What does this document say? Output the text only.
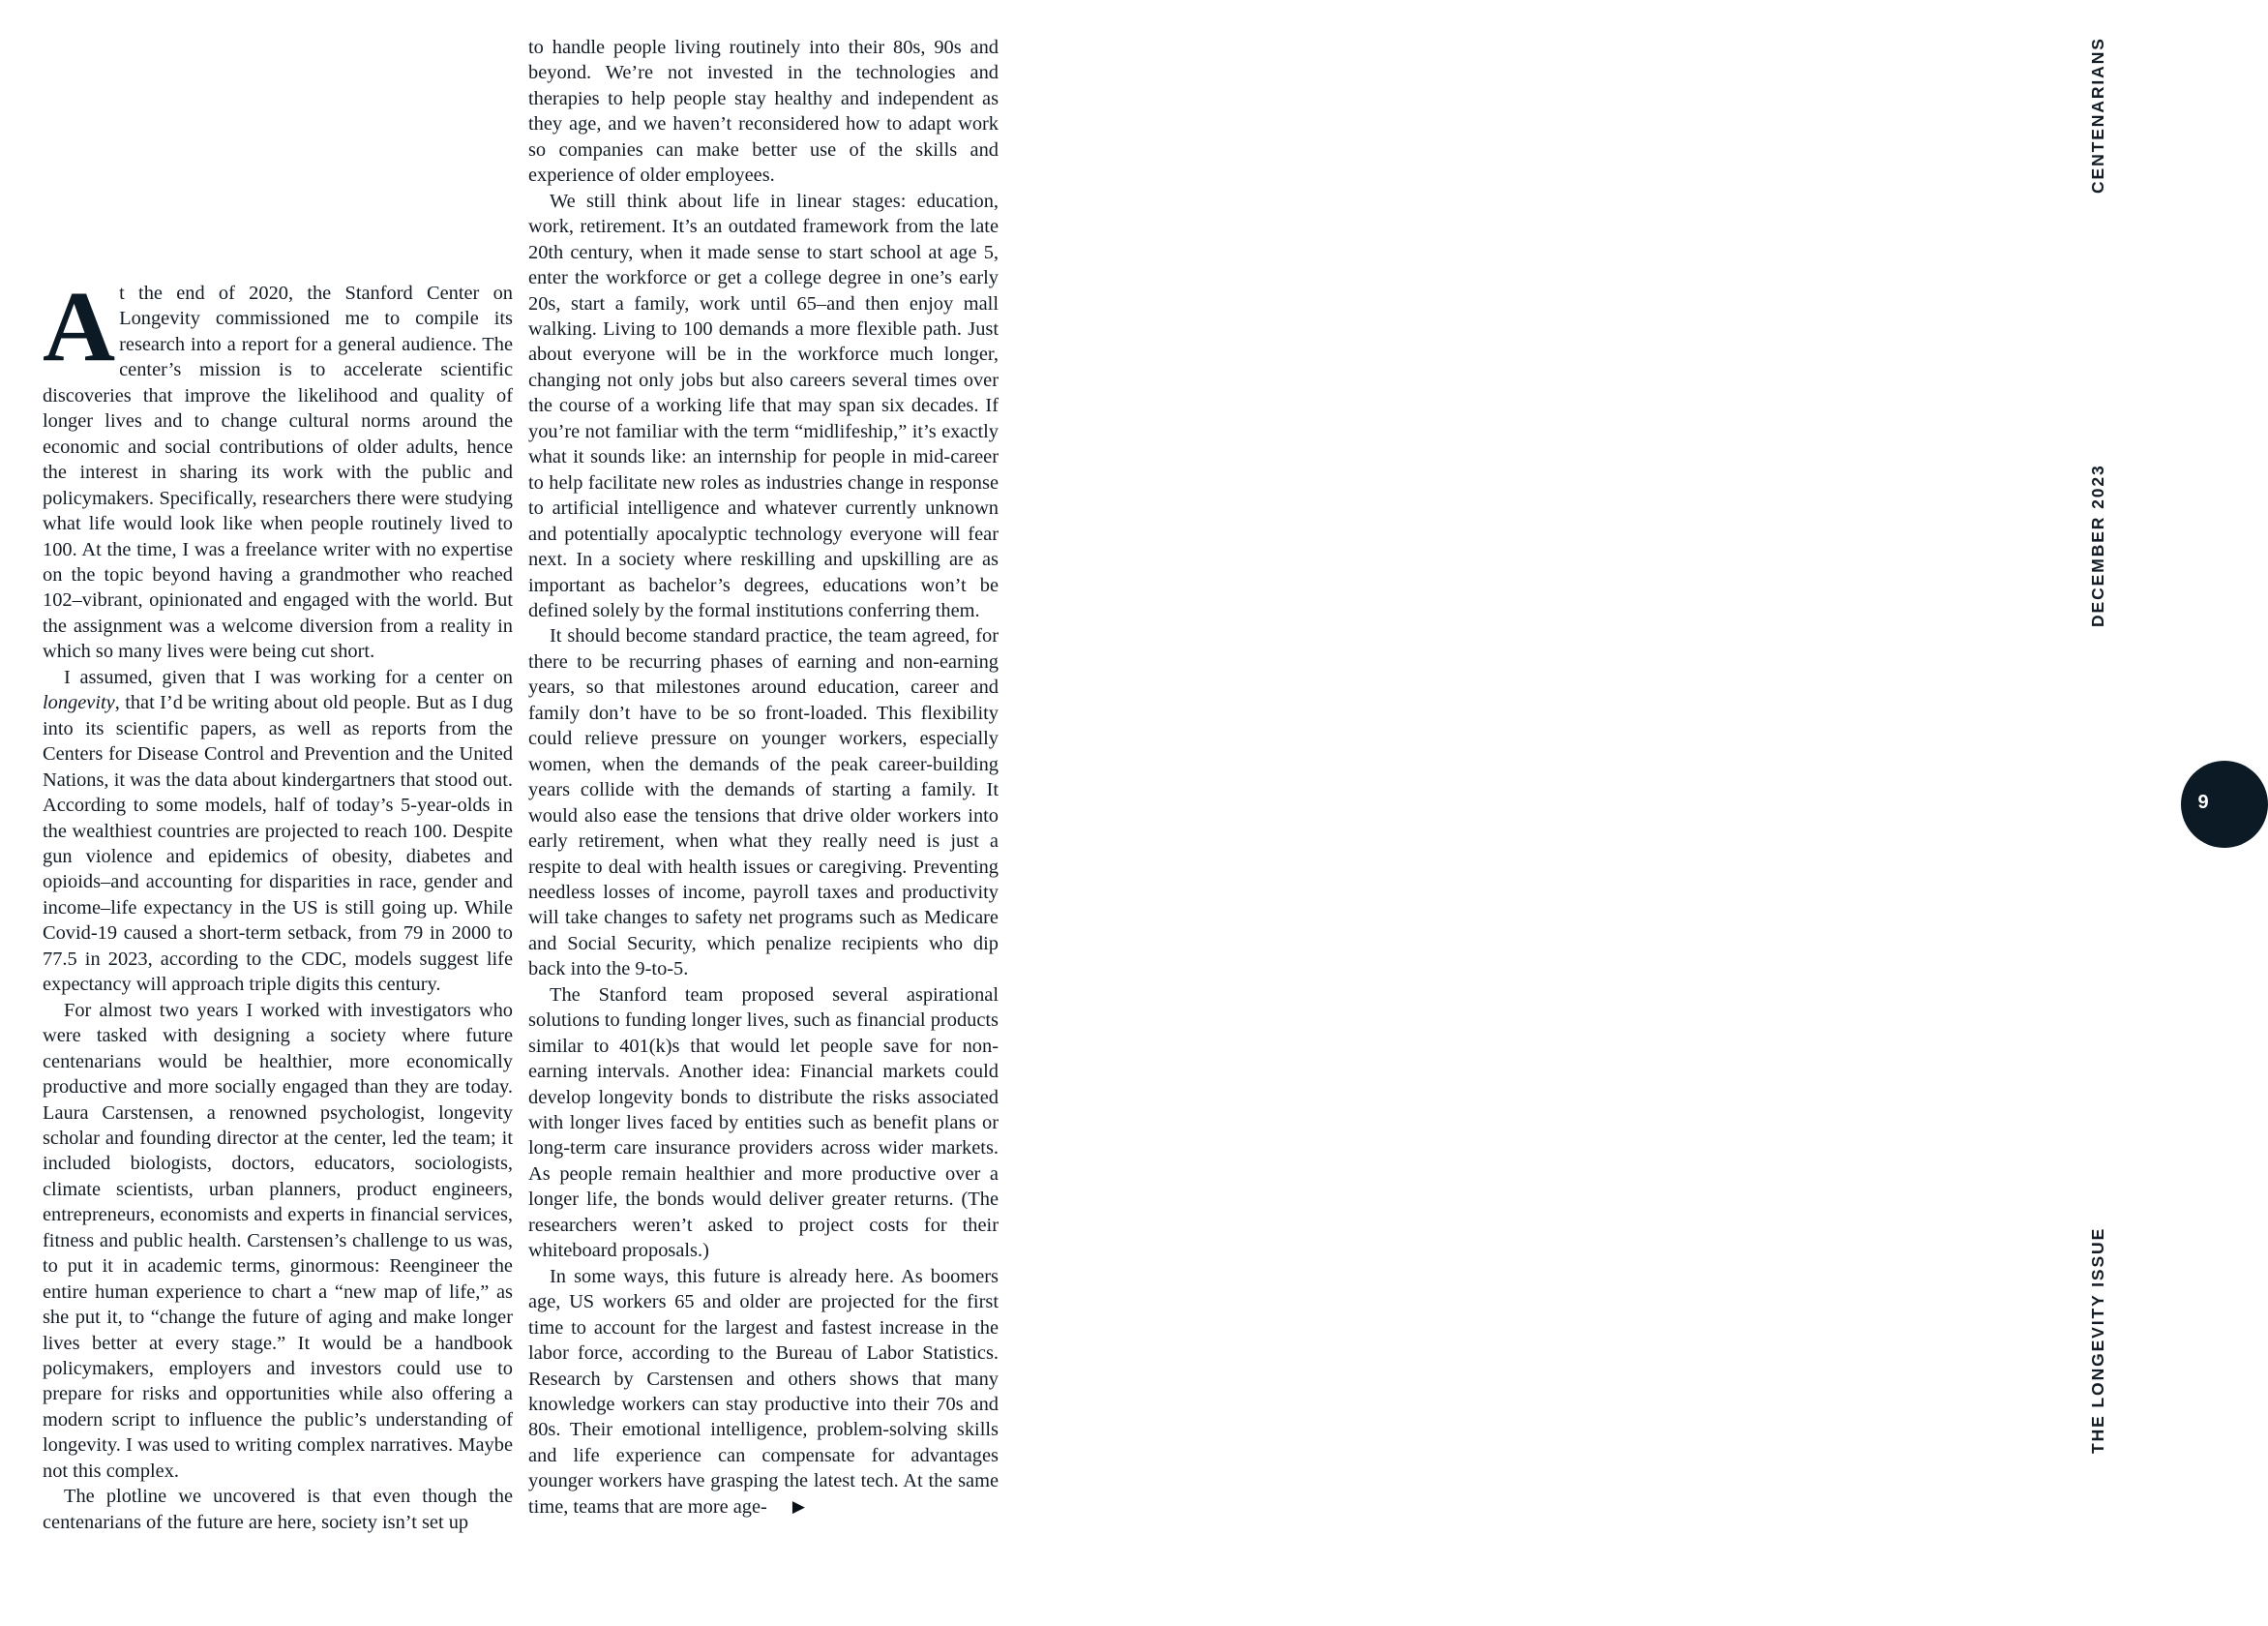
At the end of 2020, the Stanford Center on Longevity commissioned me to compile its research into a report for a general audience. The center’s mission is to accelerate scientific discoveries that improve the likelihood and quality of longer lives and to change cultural norms around the economic and social contributions of older adults, hence the interest in sharing its work with the public and policymakers. Specifically, researchers there were studying what life would look like when people routinely lived to 100. At the time, I was a freelance writer with no expertise on the topic beyond having a grandmother who reached 102–vibrant, opinionated and engaged with the world. But the assignment was a welcome diversion from a reality in which so many lives were being cut short.

I assumed, given that I was working for a center on longevity, that I’d be writing about old people. But as I dug into its scientific papers, as well as reports from the Centers for Disease Control and Prevention and the United Nations, it was the data about kindergartners that stood out. According to some models, half of today’s 5-year-olds in the wealthiest countries are projected to reach 100. Despite gun violence and epidemics of obesity, diabetes and opioids–and accounting for disparities in race, gender and income–life expectancy in the US is still going up. While Covid-19 caused a short-term setback, from 79 in 2000 to 77.5 in 2023, according to the CDC, models suggest life expectancy will approach triple digits this century.

For almost two years I worked with investigators who were tasked with designing a society where future centenarians would be healthier, more economically productive and more socially engaged than they are today. Laura Carstensen, a renowned psychologist, longevity scholar and founding director at the center, led the team; it included biologists, doctors, educators, sociologists, climate scientists, urban planners, product engineers, entrepreneurs, economists and experts in financial services, fitness and public health. Carstensen’s challenge to us was, to put it in academic terms, ginormous: Reengineer the entire human experience to chart a “new map of life,” as she put it, to “change the future of aging and make longer lives better at every stage.” It would be a handbook policymakers, employers and investors could use to prepare for risks and opportunities while also offering a modern script to influence the public’s understanding of longevity. I was used to writing complex narratives. Maybe not this complex.

The plotline we uncovered is that even though the centenarians of the future are here, society isn’t set up

to handle people living routinely into their 80s, 90s and beyond. We’re not invested in the technologies and therapies to help people stay healthy and independent as they age, and we haven’t reconsidered how to adapt work so companies can make better use of the skills and experience of older employees.

We still think about life in linear stages: education, work, retirement. It’s an outdated framework from the late 20th century, when it made sense to start school at age 5, enter the workforce or get a college degree in one’s early 20s, start a family, work until 65–and then enjoy mall walking. Living to 100 demands a more flexible path. Just about everyone will be in the workforce much longer, changing not only jobs but also careers several times over the course of a working life that may span six decades. If you’re not familiar with the term “midlifeship,” it’s exactly what it sounds like: an internship for people in mid-career to help facilitate new roles as industries change in response to artificial intelligence and whatever currently unknown and potentially apocalyptic technology everyone will fear next. In a society where reskilling and upskilling are as important as bachelor’s degrees, educations won’t be defined solely by the formal institutions conferring them.

It should become standard practice, the team agreed, for there to be recurring phases of earning and non-earning years, so that milestones around education, career and family don’t have to be so front-loaded. This flexibility could relieve pressure on younger workers, especially women, when the demands of the peak career-building years collide with the demands of starting a family. It would also ease the tensions that drive older workers into early retirement, when what they really need is just a respite to deal with health issues or caregiving. Preventing needless losses of income, payroll taxes and productivity will take changes to safety net programs such as Medicare and Social Security, which penalize recipients who dip back into the 9-to-5.

The Stanford team proposed several aspirational solutions to funding longer lives, such as financial products similar to 401(k)s that would let people save for non-earning intervals. Another idea: Financial markets could develop longevity bonds to distribute the risks associated with longer lives faced by entities such as benefit plans or long-term care insurance providers across wider markets. As people remain healthier and more productive over a longer life, the bonds would deliver greater returns. (The researchers weren’t asked to project costs for their whiteboard proposals.)

In some ways, this future is already here. As boomers age, US workers 65 and older are projected for the first time to account for the largest and fastest increase in the labor force, according to the Bureau of Labor Statistics. Research by Carstensen and others shows that many knowledge workers can stay productive into their 70s and 80s. Their emotional intelligence, problem-solving skills and life experience can compensate for advantages younger workers have grasping the latest tech. At the same time, teams that are more age- ▶

CENTENARIANS
DECEMBER 2023
THE LONGEVITY ISSUE
9
